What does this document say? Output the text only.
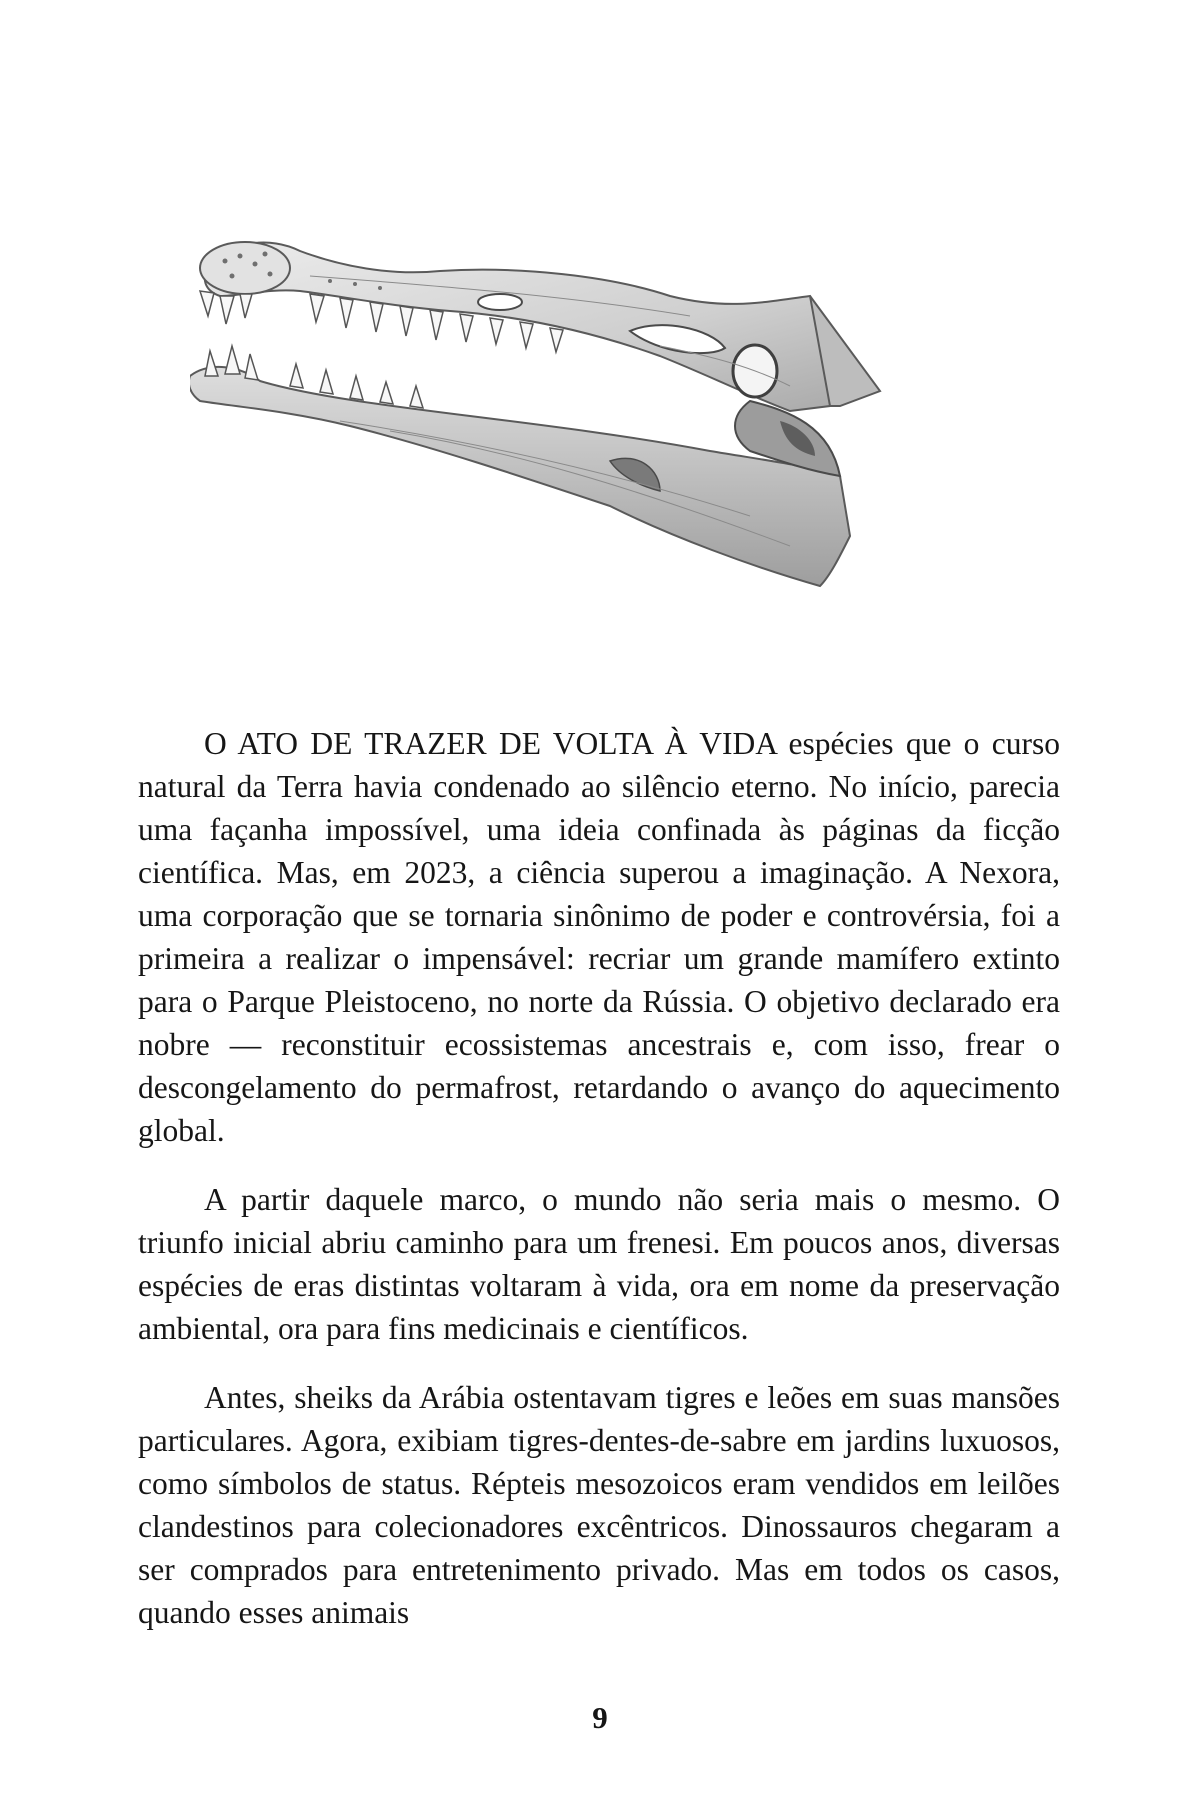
O ATO DE TRAZER DE VOLTA À VIDA espécies que o curso natural da Terra havia condenado ao silêncio eterno. No início, parecia uma façanha impossível, uma ideia confinada às páginas da ficção científica. Mas, em 2023, a ciência superou a imaginação. A Nexora, uma corporação que se tornaria sinônimo de poder e controvérsia, foi a primeira a realizar o impensável: recriar um grande mamífero extinto para o Parque Pleistoceno, no norte da Rússia. O objetivo declarado era nobre — reconstituir ecossistemas ancestrais e, com isso, frear o descongelamento do permafrost, retardando o avanço do aquecimento global.

A partir daquele marco, o mundo não seria mais o mesmo. O triunfo inicial abriu caminho para um frenesi. Em poucos anos, diversas espécies de eras distintas voltaram à vida, ora em nome da preservação ambiental, ora para fins medicinais e científicos.

Antes, sheiks da Arábia ostentavam tigres e leões em suas mansões particulares. Agora, exibiam tigres-dentes-de-sabre em jardins luxuosos, como símbolos de status. Répteis mesozoicos eram vendidos em leilões clandestinos para colecionadores excêntricos. Dinossauros chegaram a ser comprados para entretenimento privado. Mas em todos os casos, quando esses animais

9
